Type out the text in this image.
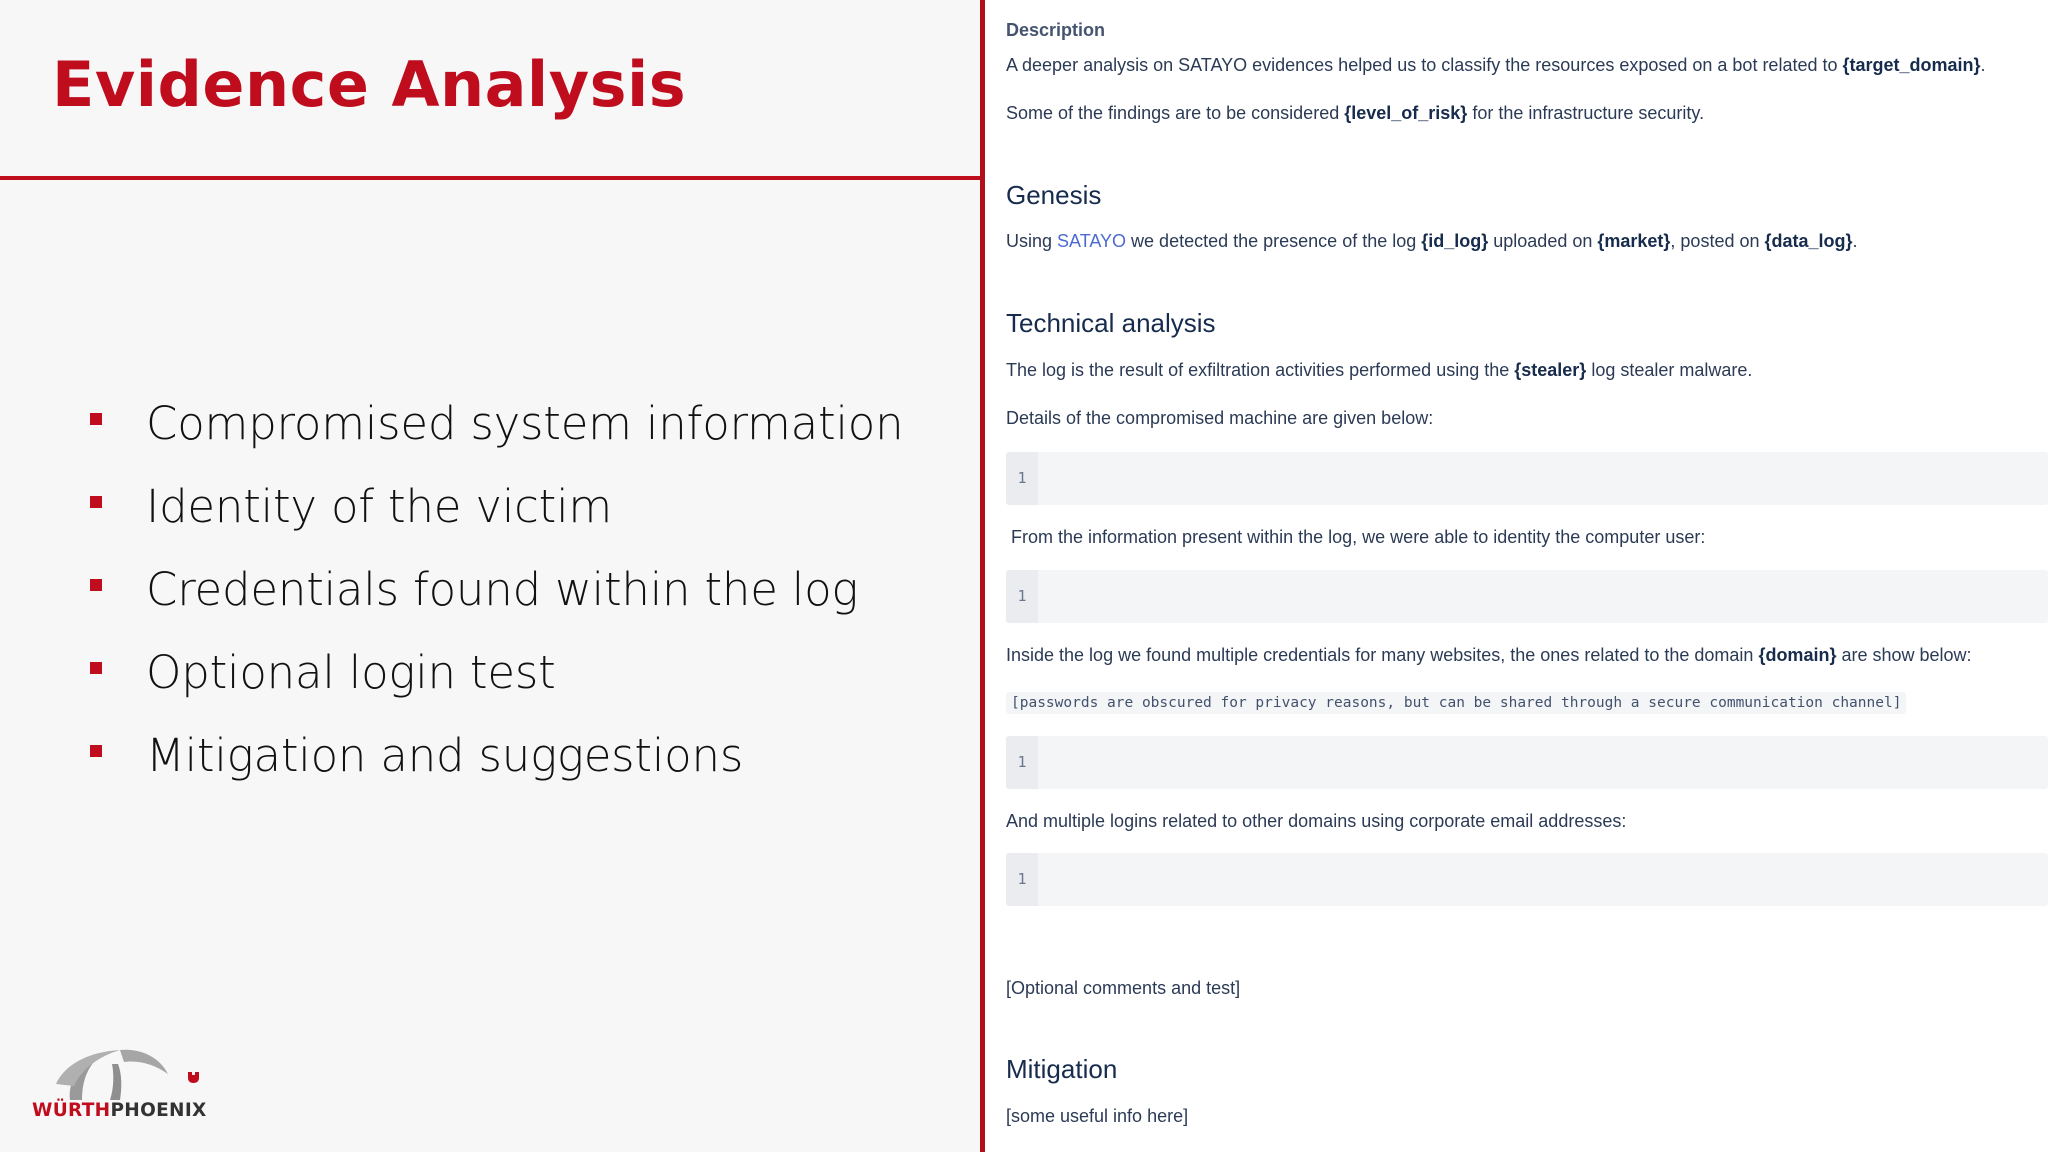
Evidence Analysis
Compromised system information
Identity of the victim
Credentials found within the log
Optional login test
Mitigation and suggestions
WÜRTHPHOENIX
Description

A deeper analysis on SATAYO evidences helped us to classify the resources exposed on a bot related to {target_domain}.

Some of the findings are to be considered {level_of_risk} for the infrastructure security.

Genesis

Using SATAYO we detected the presence of the log {id_log} uploaded on {market}, posted on {data_log}.

Technical analysis

The log is the result of exfiltration activities performed using the {stealer} log stealer malware.

Details of the compromised machine are given below:

1

From the information present within the log, we were able to identity the computer user:

1

Inside the log we found multiple credentials for many websites, the ones related to the domain {domain} are show below:

[passwords are obscured for privacy reasons, but can be shared through a secure communication channel]
1

And multiple logins related to other domains using corporate email addresses:

1

[Optional comments and test]

Mitigation

[some useful info here]
